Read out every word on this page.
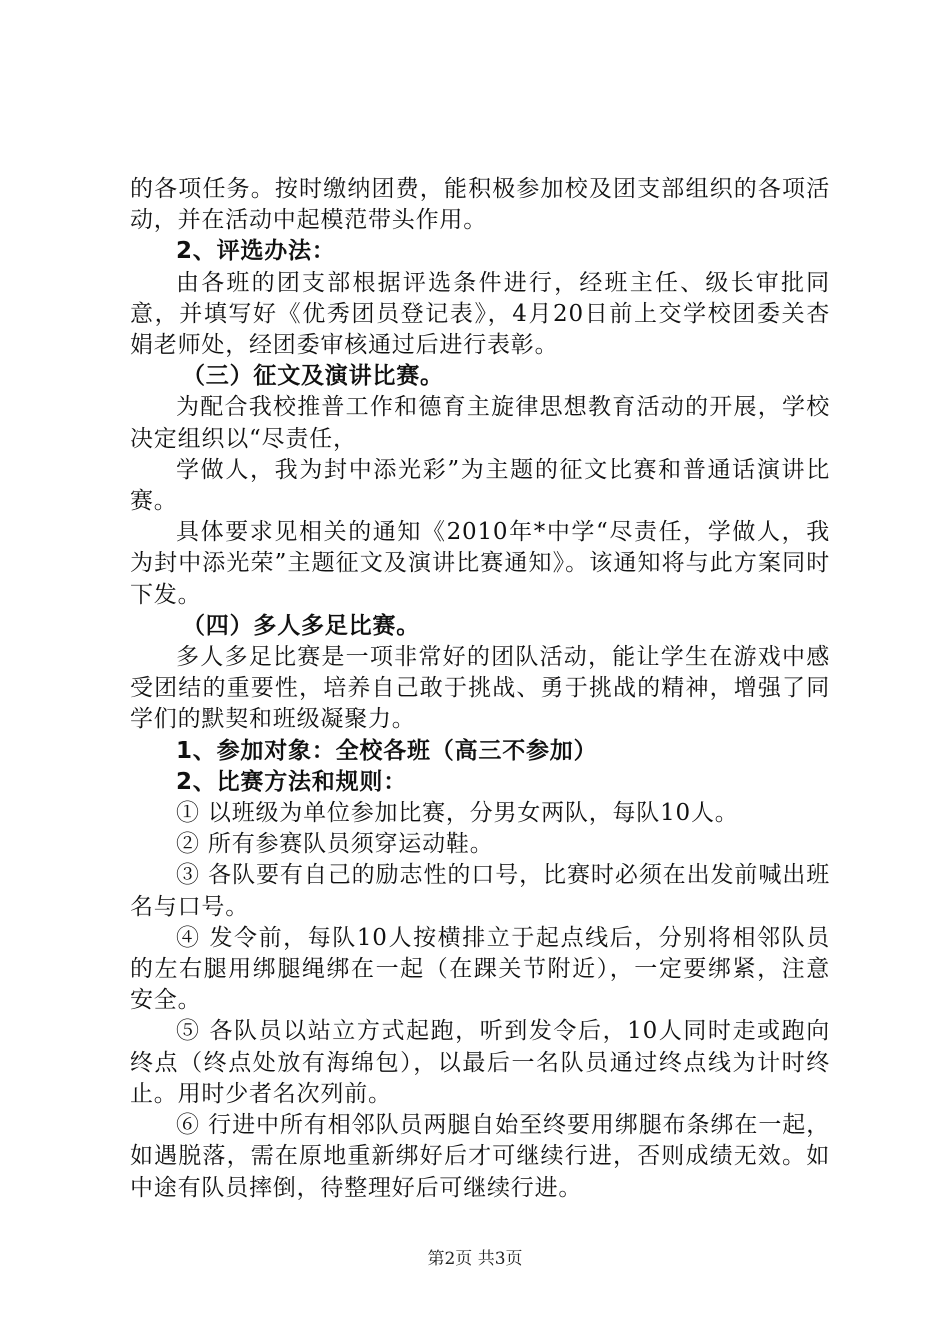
的各项任务。按时缴纳团费，能积极参加校及团支部组织的各项活动，并在活动中起模范带头作用。

2、评选办法：

由各班的团支部根据评选条件进行，经班主任、级长审批同意，并填写好《优秀团员登记表》，4月20日前上交学校团委关杏娟老师处，经团委审核通过后进行表彰。

（三）征文及演讲比赛。

为配合我校推普工作和德育主旋律思想教育活动的开展，学校决定组织以“尽责任，

学做人，我为封中添光彩”为主题的征文比赛和普通话演讲比赛。

具体要求见相关的通知《2010年*中学“尽责任，学做人，我为封中添光荣”主题征文及演讲比赛通知》。该通知将与此方案同时下发。

（四）多人多足比赛。

多人多足比赛是一项非常好的团队活动，能让学生在游戏中感受团结的重要性，培养自己敢于挑战、勇于挑战的精神，增强了同学们的默契和班级凝聚力。

1、参加对象：全校各班（高三不参加）

2、比赛方法和规则：

① 以班级为单位参加比赛，分男女两队，每队10人。

② 所有参赛队员须穿运动鞋。

③ 各队要有自己的励志性的口号，比赛时必须在出发前喊出班名与口号。

④ 发令前，每队10人按横排立于起点线后，分别将相邻队员的左右腿用绑腿绳绑在一起（在踝关节附近），一定要绑紧，注意安全。

⑤ 各队员以站立方式起跑，听到发令后，10人同时走或跑向终点（终点处放有海绵包），以最后一名队员通过终点线为计时终止。用时少者名次列前。

⑥ 行进中所有相邻队员两腿自始至终要用绑腿布条绑在一起，如遇脱落，需在原地重新绑好后才可继续行进，否则成绩无效。如中途有队员摔倒，待整理好后可继续行进。

第2页 共3页
